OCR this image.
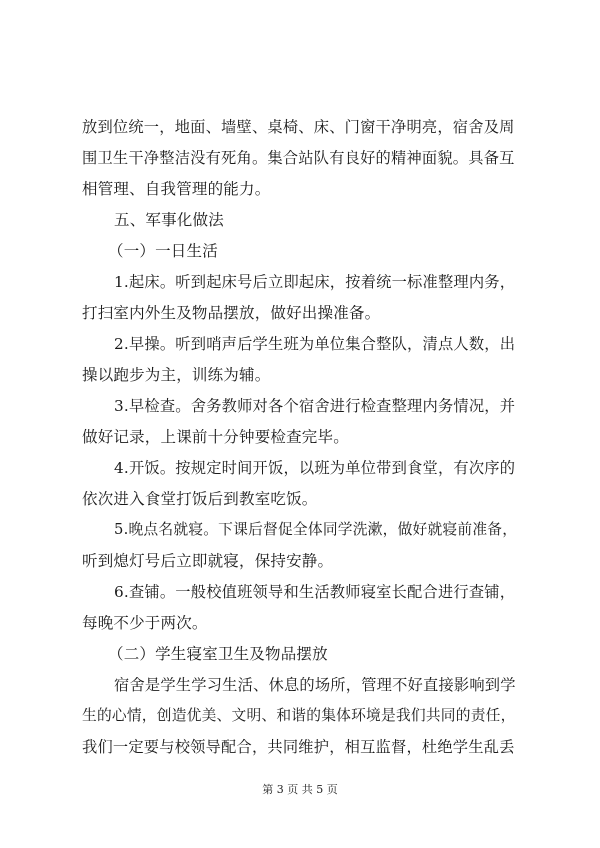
放到位统一，地面、墙壁、桌椅、床、门窗干净明亮，宿舍及周

围卫生干净整洁没有死角。集合站队有良好的精神面貌。具备互

相管理、自我管理的能力。

五、军事化做法

（一）一日生活

1.起床。听到起床号后立即起床，按着统一标准整理内务，

打扫室内外生及物品摆放，做好出操准备。

2.早操。听到哨声后学生班为单位集合整队，清点人数，出

操以跑步为主，训练为辅。

3.早检查。舍务教师对各个宿舍进行检查整理内务情况，并

做好记录，上课前十分钟要检查完毕。

4.开饭。按规定时间开饭，以班为单位带到食堂，有次序的

依次进入食堂打饭后到教室吃饭。

5.晚点名就寝。下课后督促全体同学洗漱，做好就寝前准备，

听到熄灯号后立即就寝，保持安静。

6.查铺。一般校值班领导和生活教师寝室长配合进行查铺，

每晚不少于两次。

（二）学生寝室卫生及物品摆放

宿舍是学生学习生活、休息的场所，管理不好直接影响到学

生的心情，创造优美、文明、和谐的集体环境是我们共同的责任，

我们一定要与校领导配合，共同维护，相互监督，杜绝学生乱丢

第 3 页 共 5 页
